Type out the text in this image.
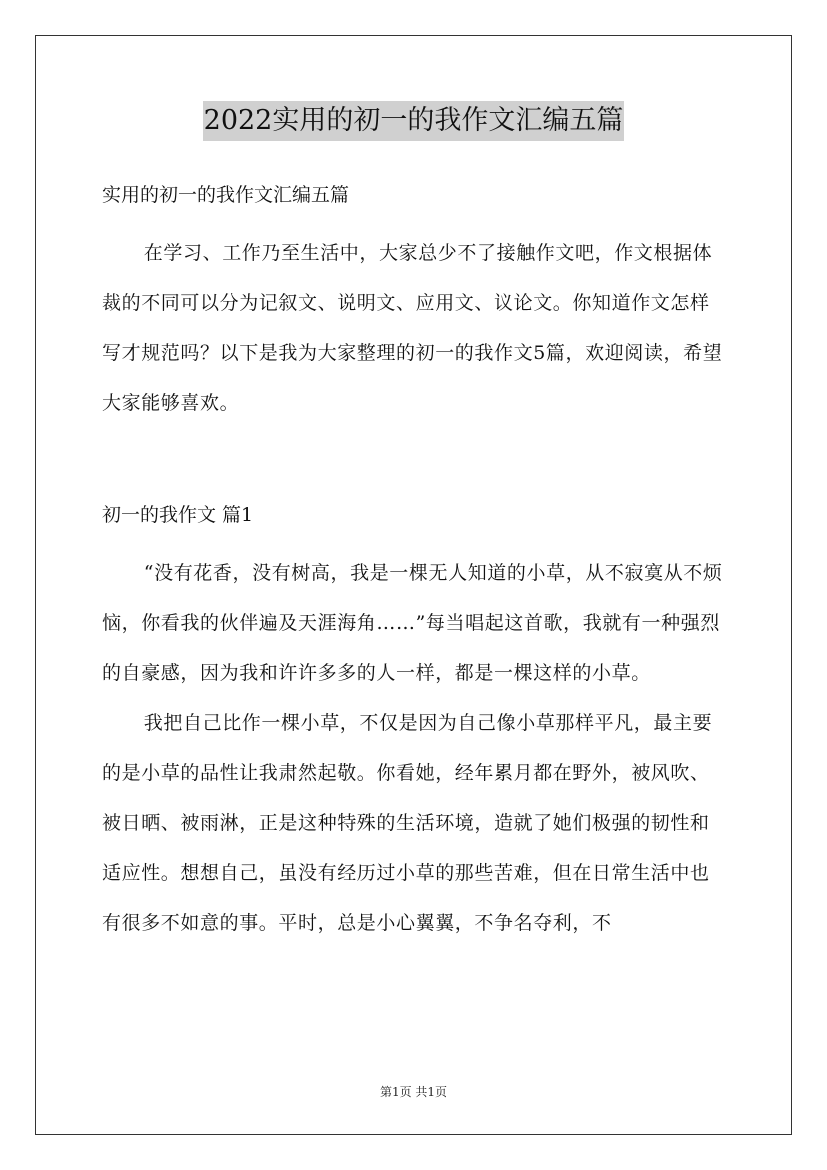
2022实用的初一的我作文汇编五篇
实用的初一的我作文汇编五篇

在学习、工作乃至生活中，大家总少不了接触作文吧，作文根据体裁的不同可以分为记叙文、说明文、应用文、议论文。你知道作文怎样写才规范吗？以下是我为大家整理的初一的我作文5篇，欢迎阅读，希望大家能够喜欢。

初一的我作文 篇1

“没有花香，没有树高，我是一棵无人知道的小草，从不寂寞从不烦恼，你看我的伙伴遍及天涯海角……”每当唱起这首歌，我就有一种强烈的自豪感，因为我和许许多多的人一样，都是一棵这样的小草。

我把自己比作一棵小草，不仅是因为自己像小草那样平凡，最主要的是小草的品性让我肃然起敬。你看她，经年累月都在野外，被风吹、被日晒、被雨淋，正是这种特殊的生活环境，造就了她们极强的韧性和适应性。想想自己，虽没有经历过小草的那些苦难，但在日常生活中也有很多不如意的事。平时，总是小心翼翼，不争名夺利，不

第1页 共1页
